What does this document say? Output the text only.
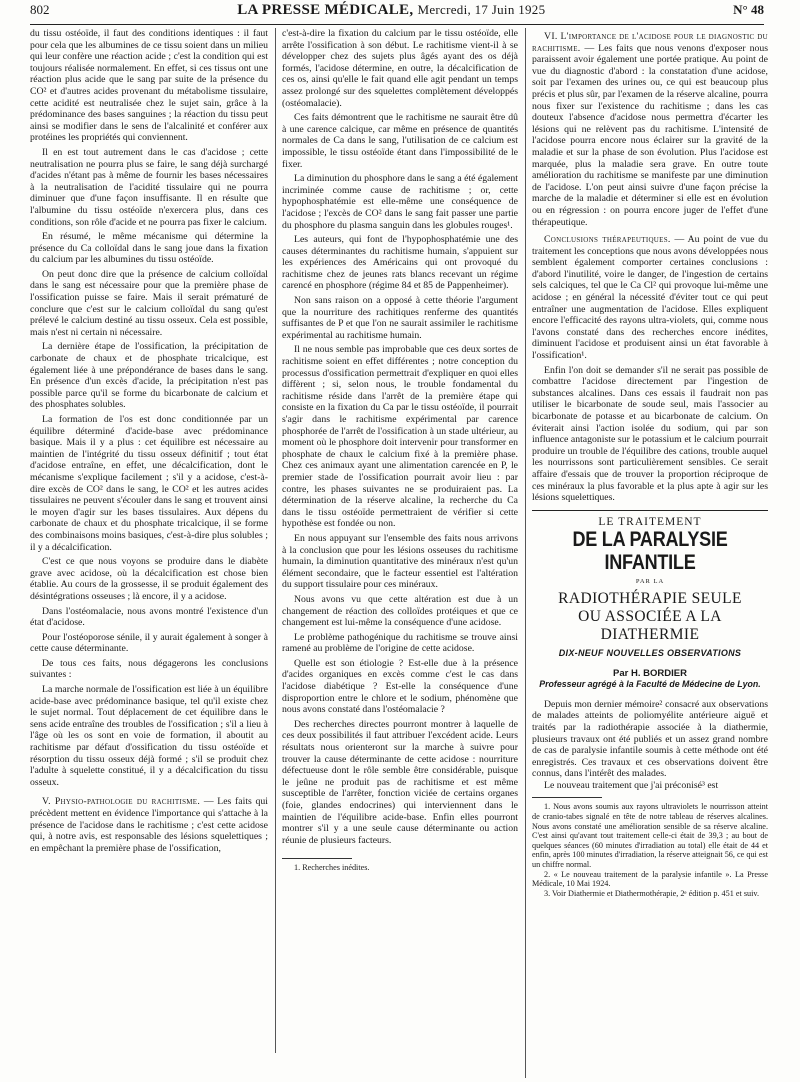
802	LA PRESSE MÉDICALE, Mercredi, 17 Juin 1925	N° 48

du tissu ostéoïde, il faut des conditions identiques : il faut pour cela que les albumines de ce tissu soient dans un milieu qui leur confère une réaction acide ; c'est la condition qui est toujours réalisée normalement. En effet, si ces tissus ont une réaction plus acide que le sang par suite de la présence du CO² et d'autres acides provenant du métabolisme tissulaire, cette acidité est neutralisée chez le sujet sain, grâce à la prédominance des bases sanguines ; la réaction du tissu peut ainsi se modifier dans le sens de l'alcalinité et conférer aux protéines les propriétés qui conviennent.

Il en est tout autrement dans le cas d'acidose ; cette neutralisation ne pourra plus se faire, le sang déjà surchargé d'acides n'étant pas à même de fournir les bases nécessaires à la neutralisation de l'acidité tissulaire qui ne pourra diminuer que d'une façon insuffisante. Il en résulte que l'albumine du tissu ostéoïde n'exercera plus, dans ces conditions, son rôle d'acide et ne pourra pas fixer le calcium.

En résumé, le même mécanisme qui détermine la présence du Ca colloïdal dans le sang joue dans la fixation du calcium par les albumines du tissu ostéoïde.

On peut donc dire que la présence de calcium colloïdal dans le sang est nécessaire pour que la première phase de l'ossification puisse se faire. Mais il serait prématuré de conclure que c'est sur le calcium colloïdal du sang qu'est prélevé le calcium destiné au tissu osseux. Cela est possible, mais n'est ni certain ni nécessaire.

La dernière étape de l'ossification, la précipitation de carbonate de chaux et de phosphate tricalcique, est également liée à une prépondérance de bases dans le sang. En présence d'un excès d'acide, la précipitation n'est pas possible parce qu'il se forme du bicarbonate de calcium et des phosphates solubles.

La formation de l'os est donc conditionnée par un équilibre déterminé d'acide-base avec prédominance basique. Mais il y a plus : cet équilibre est nécessaire au maintien de l'intégrité du tissu osseux définitif ; tout état d'acidose entraîne, en effet, une décalcification, dont le mécanisme s'explique facilement ; s'il y a acidose, c'est-à-dire excès de CO² dans le sang, le CO² et les autres acides tissulaires ne peuvent s'écouler dans le sang et trouvent ainsi le moyen d'agir sur les bases tissulaires. Aux dépens du carbonate de chaux et du phosphate tricalcique, il se forme des combinaisons moins basiques, c'est-à-dire plus solubles ; il y a décalcification.

C'est ce que nous voyons se produire dans le diabète grave avec acidose, où la décalcification est chose bien établie. Au cours de la grossesse, il se produit également des désintégrations osseuses ; là encore, il y a acidose.

Dans l'ostéomalacie, nous avons montré l'existence d'un état d'acidose.

Pour l'ostéoporose sénile, il y aurait également à songer à cette cause déterminante.

De tous ces faits, nous dégagerons les conclusions suivantes :

La marche normale de l'ossification est liée à un équilibre acide-base avec prédominance basique, tel qu'il existe chez le sujet normal. Tout déplacement de cet équilibre dans le sens acide entraîne des troubles de l'ossification ; s'il a lieu à l'âge où les os sont en voie de formation, il aboutit au rachitisme par défaut d'ossification du tissu ostéoïde et résorption du tissu osseux déjà formé ; s'il se produit chez l'adulte à squelette constitué, il y a décalcification du tissu osseux.

V. Physio-pathologie du rachitisme. — Les faits qui précèdent mettent en évidence l'importance qui s'attache à la présence de l'acidose dans le rachitisme ; c'est cette acidose qui, à notre avis, est responsable des lésions squelettiques ; en empêchant la première phase de l'ossification,

c'est-à-dire la fixation du calcium par le tissu ostéoïde, elle arrête l'ossification à son début. Le rachitisme vient-il à se développer chez des sujets plus âgés ayant des os déjà formés, l'acidose détermine, en outre, la décalcification de ces os, ainsi qu'elle le fait quand elle agit pendant un temps assez prolongé sur des squelettes complètement développés (ostéomalacie).

Ces faits démontrent que le rachitisme ne saurait être dû à une carence calcique, car même en présence de quantités normales de Ca dans le sang, l'utilisation de ce calcium est impossible, le tissu ostéoïde étant dans l'impossibilité de le fixer.

La diminution du phosphore dans le sang a été également incriminée comme cause de rachitisme ; or, cette hypophosphatémie est elle-même une conséquence de l'acidose ; l'excès de CO² dans le sang fait passer une partie du phosphore du plasma sanguin dans les globules rouges¹.

Les auteurs, qui font de l'hypophosphatémie une des causes déterminantes du rachitisme humain, s'appuient sur les expériences des Américains qui ont provoqué du rachitisme chez de jeunes rats blancs recevant un régime carencé en phosphore (régime 84 et 85 de Pappenheimer).

Non sans raison on a opposé à cette théorie l'argument que la nourriture des rachitiques renferme des quantités suffisantes de P et que l'on ne saurait assimiler le rachitisme expérimental au rachitisme humain.

Il ne nous semble pas improbable que ces deux sortes de rachitisme soient en effet différentes ; notre conception du processus d'ossification permettrait d'expliquer en quoi elles diffèrent ; si, selon nous, le trouble fondamental du rachitisme réside dans l'arrêt de la première étape qui consiste en la fixation du Ca par le tissu ostéoïde, il pourrait s'agir dans le rachitisme expérimental par carence phosphorée de l'arrêt de l'ossification à un stade ultérieur, au moment où le phosphore doit intervenir pour transformer en phosphate de chaux le calcium fixé à la première phase. Chez ces animaux ayant une alimentation carencée en P, le premier stade de l'ossification pourrait avoir lieu : par contre, les phases suivantes ne se produiraient pas. La détermination de la réserve alcaline, la recherche du Ca dans le tissu ostéoïde permettraient de vérifier si cette hypothèse est fondée ou non.

En nous appuyant sur l'ensemble des faits nous arrivons à la conclusion que pour les lésions osseuses du rachitisme humain, la diminution quantitative des minéraux n'est qu'un élément secondaire, que le facteur essentiel est l'altération du support tissulaire pour ces minéraux.

Nous avons vu que cette altération est due à un changement de réaction des colloïdes protéiques et que ce changement est lui-même la conséquence d'une acidose.

Le problème pathogénique du rachitisme se trouve ainsi ramené au problème de l'origine de cette acidose.

Quelle est son étiologie ? Est-elle due à la présence d'acides organiques en excès comme c'est le cas dans l'acidose diabétique ? Est-elle la conséquence d'une disproportion entre le chlore et le sodium, phénomène que nous avons constaté dans l'ostéomalacie ?

Des recherches directes pourront montrer à laquelle de ces deux possibilités il faut attribuer l'excédent acide. Leurs résultats nous orienteront sur la marche à suivre pour trouver la cause déterminante de cette acidose : nourriture défectueuse dont le rôle semble être considérable, puisque le jeûne ne produit pas de rachitisme et est même susceptible de l'arrêter, fonction viciée de certains organes (foie, glandes endocrines) qui interviennent dans le maintien de l'équilibre acide-base. Enfin elles pourront montrer s'il y a une seule cause déterminante ou action réunie de plusieurs facteurs.

1. Recherches inédites.

VI. L'importance de l'acidose pour le diagnostic du rachitisme. — Les faits que nous venons d'exposer nous paraissent avoir également une portée pratique. Au point de vue du diagnostic d'abord : la constatation d'une acidose, soit par l'examen des urines ou, ce qui est beaucoup plus précis et plus sûr, par l'examen de la réserve alcaline, pourra nous fixer sur l'existence du rachitisme ; dans les cas douteux l'absence d'acidose nous permettra d'écarter les lésions qui ne relèvent pas du rachitisme. L'intensité de l'acidose pourra encore nous éclairer sur la gravité de la maladie et sur la phase de son évolution. Plus l'acidose est marquée, plus la maladie sera grave. En outre toute amélioration du rachitisme se manifeste par une diminution de l'acidose. L'on peut ainsi suivre d'une façon précise la marche de la maladie et déterminer si elle est en évolution ou en régression : on pourra encore juger de l'effet d'une thérapeutique.

Conclusions thérapeutiques. — Au point de vue du traitement les conceptions que nous avons développées nous semblent également comporter certaines conclusions : d'abord l'inutilité, voire le danger, de l'ingestion de certains sels calciques, tel que le Ca Cl² qui provoque lui-même une acidose ; en général la nécessité d'éviter tout ce qui peut entraîner une augmentation de l'acidose. Elles expliquent encore l'efficacité des rayons ultra-violets, qui, comme nous l'avons constaté dans des recherches encore inédites, diminuent l'acidose et produisent ainsi un état favorable à l'ossification¹.

Enfin l'on doit se demander s'il ne serait pas possible de combattre l'acidose directement par l'ingestion de substances alcalines. Dans ces essais il faudrait non pas utiliser le bicarbonate de soude seul, mais l'associer au bicarbonate de potasse et au bicarbonate de calcium. On éviterait ainsi l'action isolée du sodium, qui par son influence antagoniste sur le potassium et le calcium pourrait produire un trouble de l'équilibre des cations, trouble auquel les nourrissons sont particulièrement sensibles. Ce serait affaire d'essais que de trouver la proportion réciproque de ces minéraux la plus favorable et la plus apte à agir sur les lésions squelettiques.

LE TRAITEMENT
DE LA PARALYSIE INFANTILE
PAR LA
RADIOTHÉRAPIE SEULE
OU ASSOCIÉE A LA DIATHERMIE
DIX-NEUF NOUVELLES OBSERVATIONS
Par H. BORDIER
Professeur agrégé à la Faculté de Médecine de Lyon.

Depuis mon dernier mémoire² consacré aux observations de malades atteints de poliomyélite antérieure aiguë et traités par la radiothérapie associée à la diathermie, plusieurs travaux ont été publiés et un assez grand nombre de cas de paralysie infantile soumis à cette méthode ont été enregistrés. Ces travaux et ces observations doivent être connus, dans l'intérêt des malades.

Le nouveau traitement que j'ai préconisé³ est

1. Nous avons soumis aux rayons ultraviolets le nourrisson atteint de cranio-tabes signalé en tête de notre tableau de réserves alcalines. Nous avons constaté une amélioration sensible de sa réserve alcaline. C'est ainsi qu'avant tout traitement celle-ci était de 39,3 ; au bout de quelques séances (60 minutes d'irradiation au total) elle était de 44 et enfin, après 100 minutes d'irradiation, la réserve atteignait 56, ce qui est un chiffre normal.

2. « Le nouveau traitement de la paralysie infantile ». La Presse Médicale, 10 Mai 1924.

3. Voir Diathermie et Diathermothérapie, 2ᵉ édition p. 451 et suiv.
